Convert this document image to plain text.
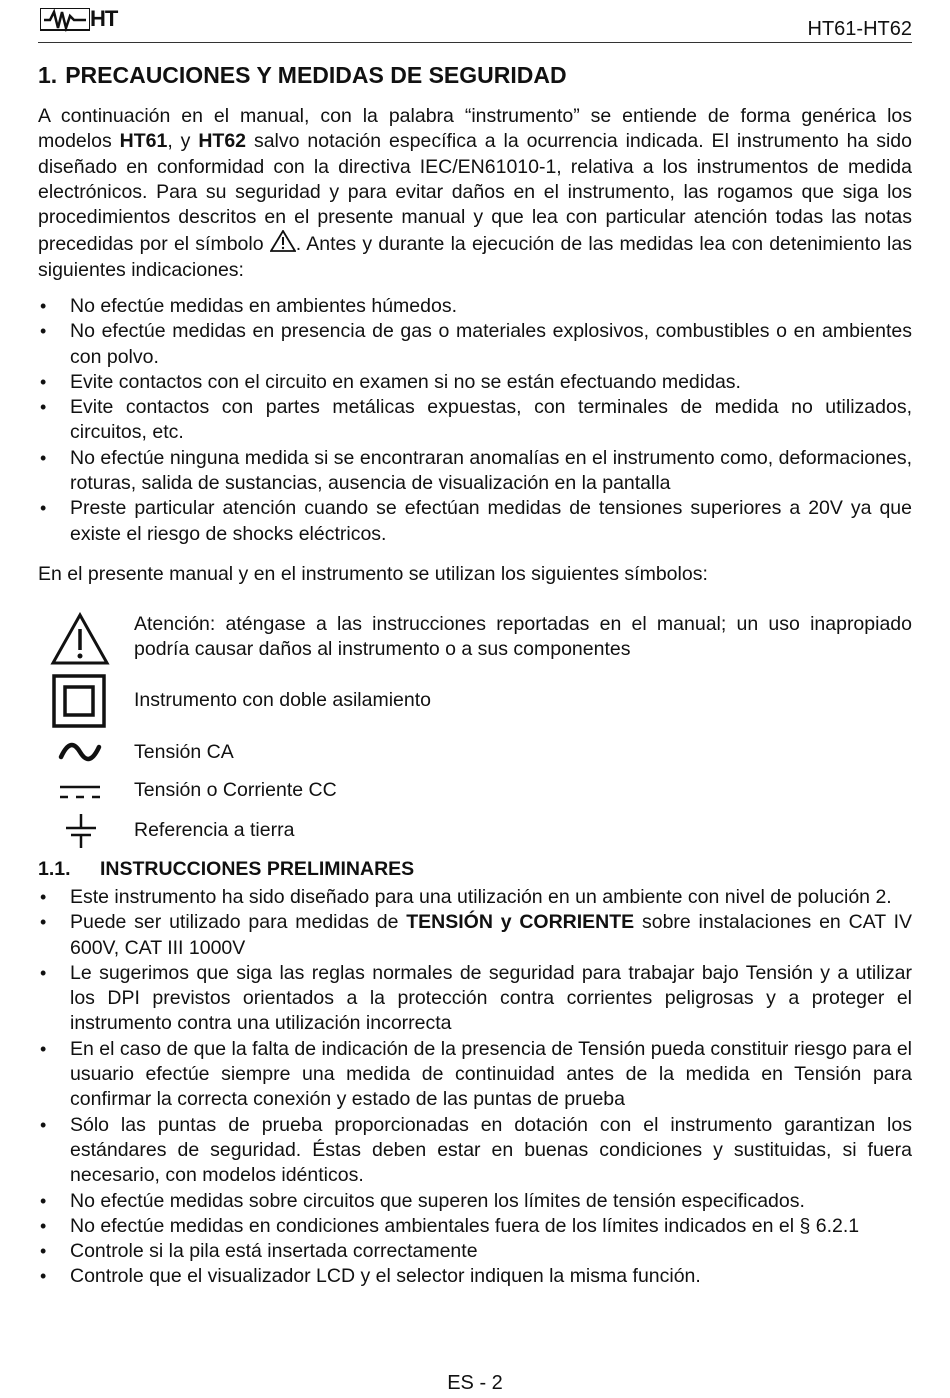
HT	HT61-HT62
1. PRECAUCIONES Y MEDIDAS DE SEGURIDAD

A continuación en el manual, con la palabra “instrumento” se entiende de forma genérica los modelos HT61, y HT62 salvo notación específica a la ocurrencia indicada. El instrumento ha sido diseñado en conformidad con la directiva IEC/EN61010-1, relativa a los instrumentos de medida electrónicos. Para su seguridad y para evitar daños en el instrumento, las rogamos que siga los procedimientos descritos en el presente manual y que lea con particular atención todas las notas precedidas por el símbolo . Antes y durante la ejecución de las medidas lea con detenimiento las siguientes indicaciones:

• No efectúe medidas en ambientes húmedos.
• No efectúe medidas en presencia de gas o materiales explosivos, combustibles o en ambientes con polvo.
• Evite contactos con el circuito en examen si no se están efectuando medidas.
• Evite contactos con partes metálicas expuestas, con terminales de medida no utilizados, circuitos, etc.
• No efectúe ninguna medida si se encontraran anomalías en el instrumento como, deformaciones, roturas, salida de sustancias, ausencia de visualización en la pantalla
• Preste particular atención cuando se efectúan medidas de tensiones superiores a 20V ya que existe el riesgo de shocks eléctricos.

En el presente manual y en el instrumento se utilizan los siguientes símbolos:

Atención: aténgase a las instrucciones reportadas en el manual; un uso inapropiado podría causar daños al instrumento o a sus componentes
Instrumento con doble asilamiento
Tensión CA
Tensión o Corriente CC
Referencia a tierra
1.1. INSTRUCCIONES PRELIMINARES
• Este instrumento ha sido diseñado para una utilización en un ambiente con nivel de polución 2.
• Puede ser utilizado para medidas de TENSIÓN y CORRIENTE sobre instalaciones en CAT IV 600V, CAT III 1000V
• Le sugerimos que siga las reglas normales de seguridad para trabajar bajo Tensión y a utilizar los DPI previstos orientados a la protección contra corrientes peligrosas y a proteger el instrumento contra una utilización incorrecta
• En el caso de que la falta de indicación de la presencia de Tensión pueda constituir riesgo para el usuario efectúe siempre una medida de continuidad antes de la medida en Tensión para confirmar la correcta conexión y estado de las puntas de prueba
• Sólo las puntas de prueba proporcionadas en dotación con el instrumento garantizan los estándares de seguridad. Éstas deben estar en buenas condiciones y sustituidas, si fuera necesario, con modelos idénticos.
• No efectúe medidas sobre circuitos que superen los límites de tensión especificados.
• No efectúe medidas en condiciones ambientales fuera de los límites indicados en el § 6.2.1
• Controle si la pila está insertada correctamente
• Controle que el visualizador LCD y el selector indiquen la misma función.
ES - 2
